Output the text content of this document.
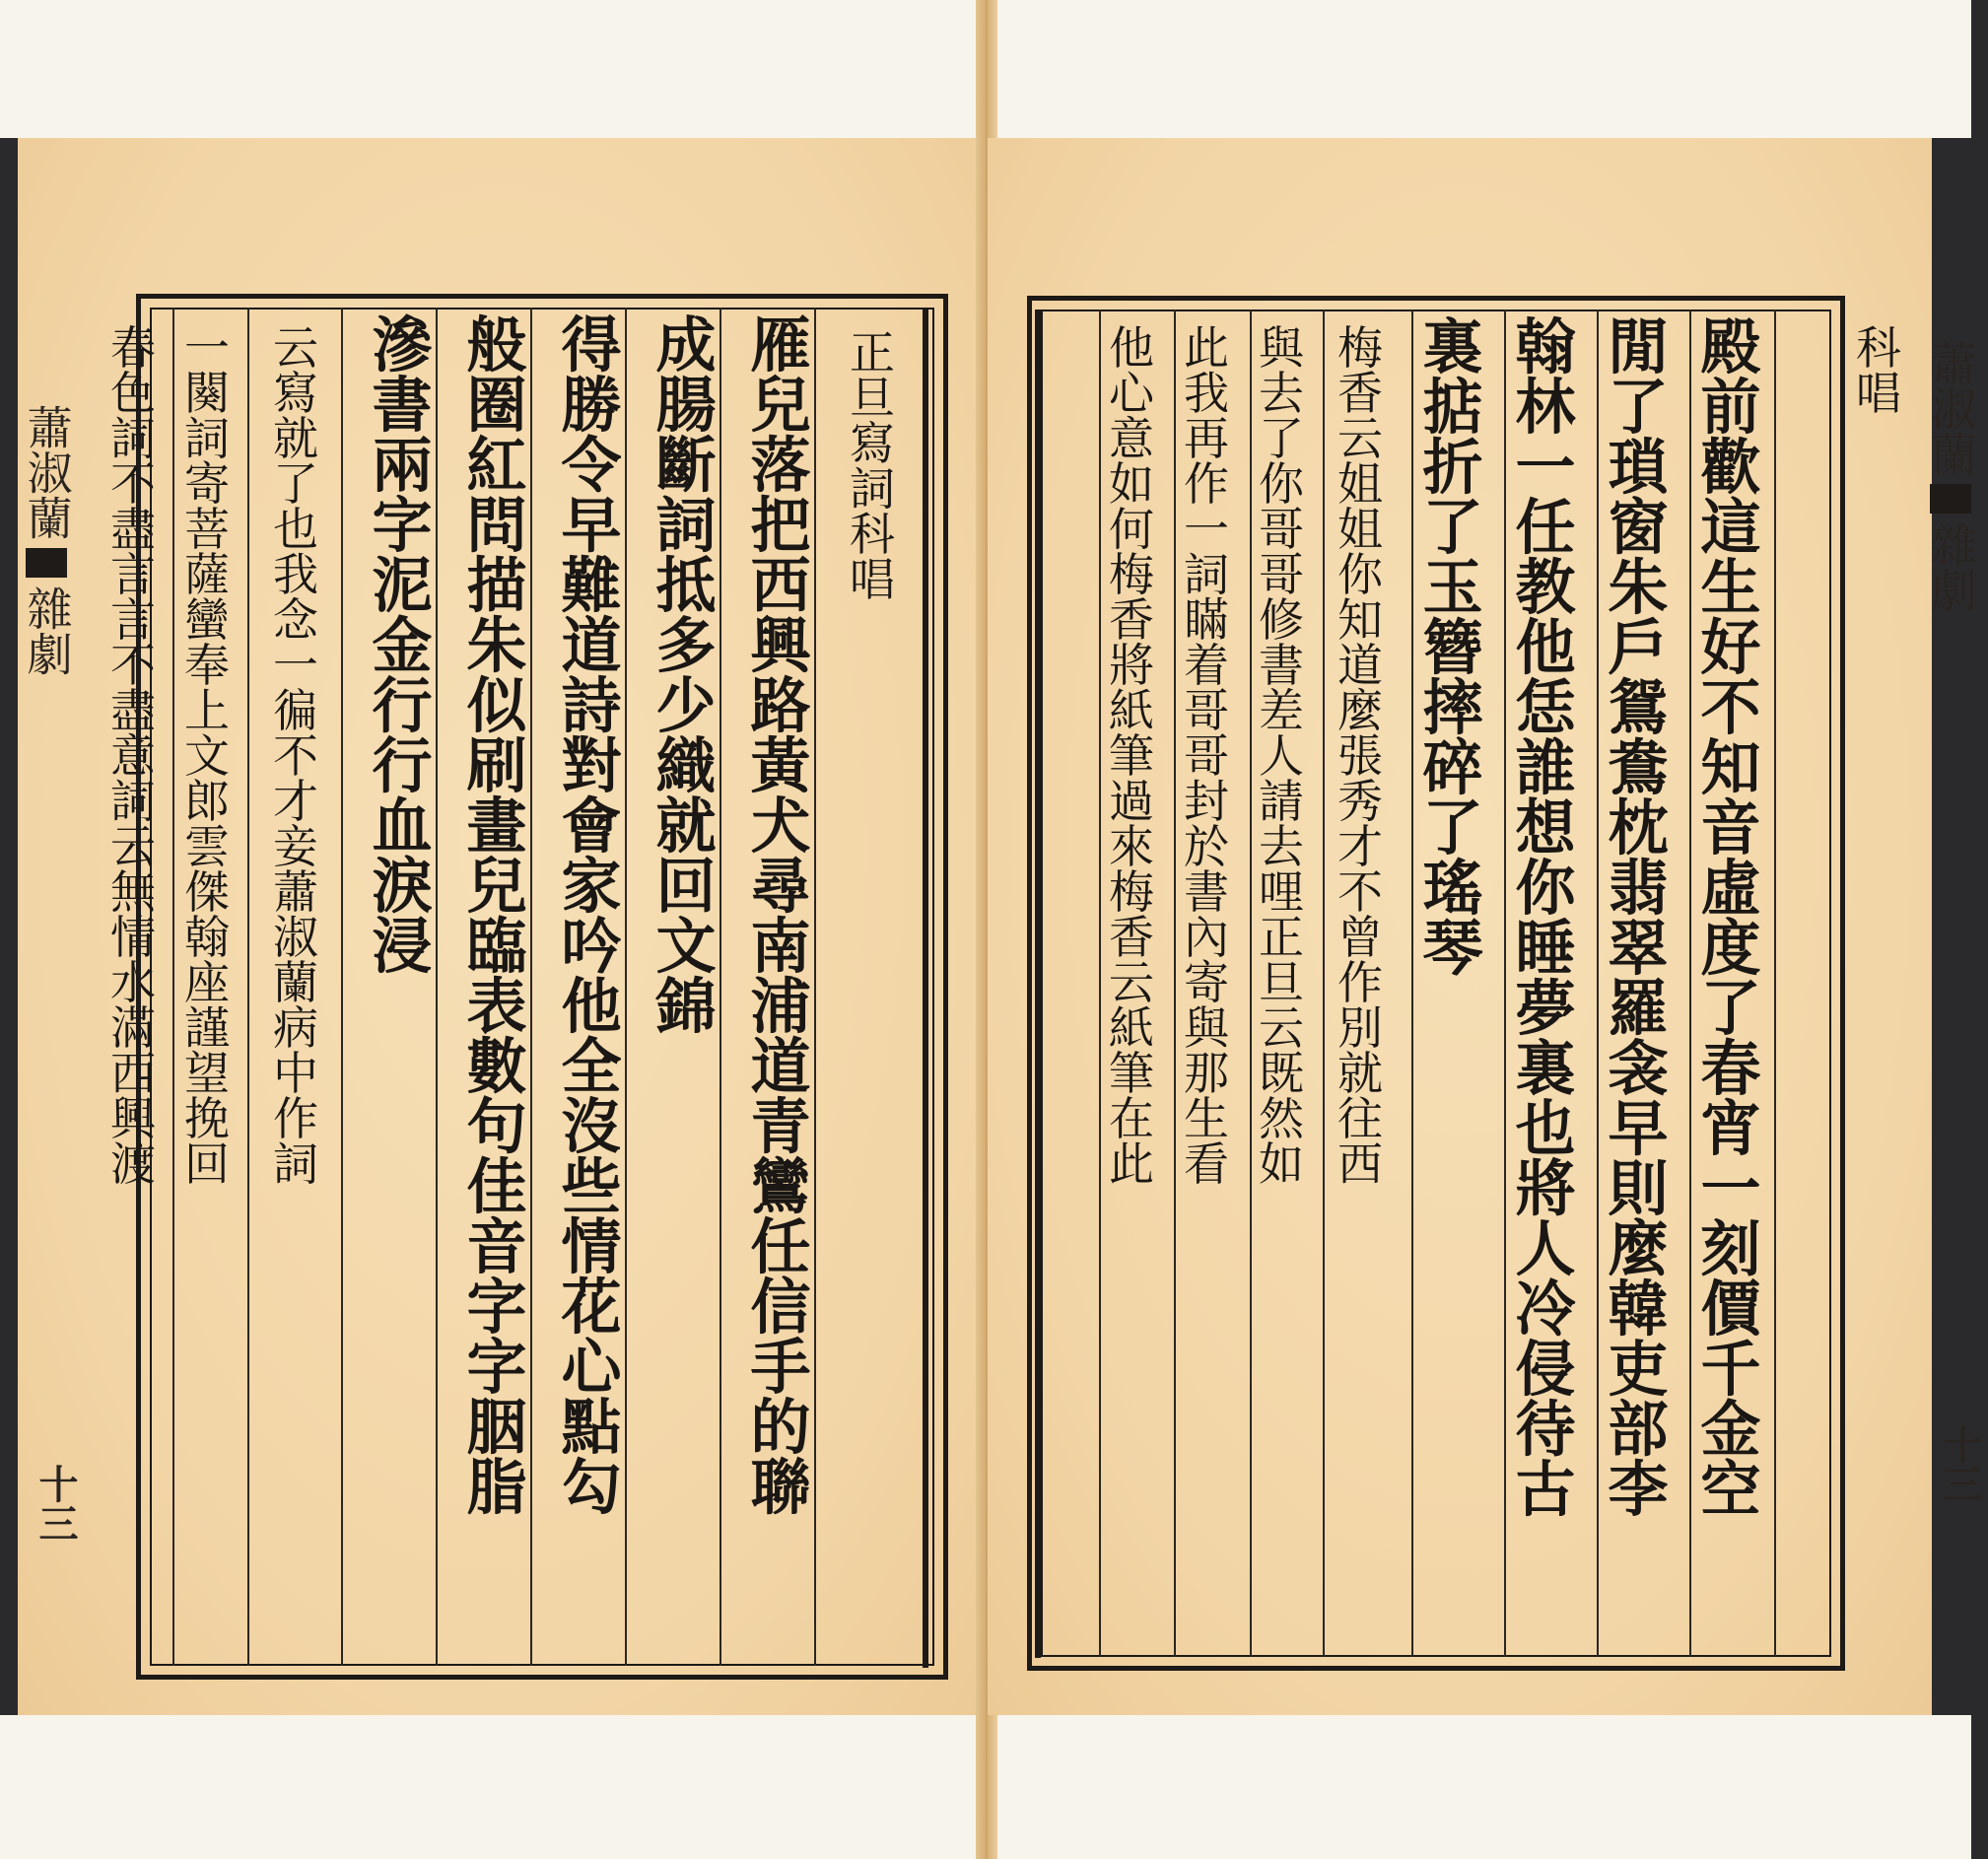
蕭淑蘭
雜劇
十三
正
旦
寫
詞
科
唱
雁
兒
落
把
西
興
路
黃
犬
尋
南
浦
道
青
鸞
任
信
手
的
聯
成
腸
斷
詞
抵
多
少
織
就
回
文
錦
得
勝
令
早
難
道
詩
對
會
家
吟
他
全
沒
些
情
花
心
點
勾
般
圈
紅
問
描
朱
似
刷
畫
兒
臨
表
數
句
佳
音
字
字
胭
脂
滲
書
兩
字
泥
金
行
行
血
淚
浸
云
寫
就
了
也
我
念
一
徧
不
才
妾
蕭
淑
蘭
病
中
作
詞
一
闋
詞
寄
菩
薩
蠻
奉
上
文
郎
雲
傑
翰
座
謹
望
挽
回
春
色
詞
不
盡
言
言
不
盡
意
詞
云
無
情
水
滿
西
興
渡
科
唱 蕭淑蘭
雜劇
十三
殿
前
歡
這
生
好
不
知
音
虛
度
了
春
宵
一
刻
價
千
金
空
閒
了
瑣
窗
朱
戶
鴛
鴦
枕
翡
翠
羅
衾
早
則
麼
韓
吏
部
李
翰
林
一
任
教
他
恁
誰
想
你
睡
夢
裏
也
將
人
冷
侵
待
古
裏
掂
折
了
玉
簪
摔
碎
了
瑤
琴
梅
香
云
姐
姐
你
知
道
麼
張
秀
才
不
曾
作
別
就
往
西
與
去
了
你
哥
哥
修
書
差
人
請
去
哩
正
旦
云
既
然
如
此
我
再
作
一
詞
瞞
着
哥
哥
封
於
書
內
寄
與
那
生
看
他
心
意
如
何
梅
香
將
紙
筆
過
來
梅
香
云
紙
筆
在
此
